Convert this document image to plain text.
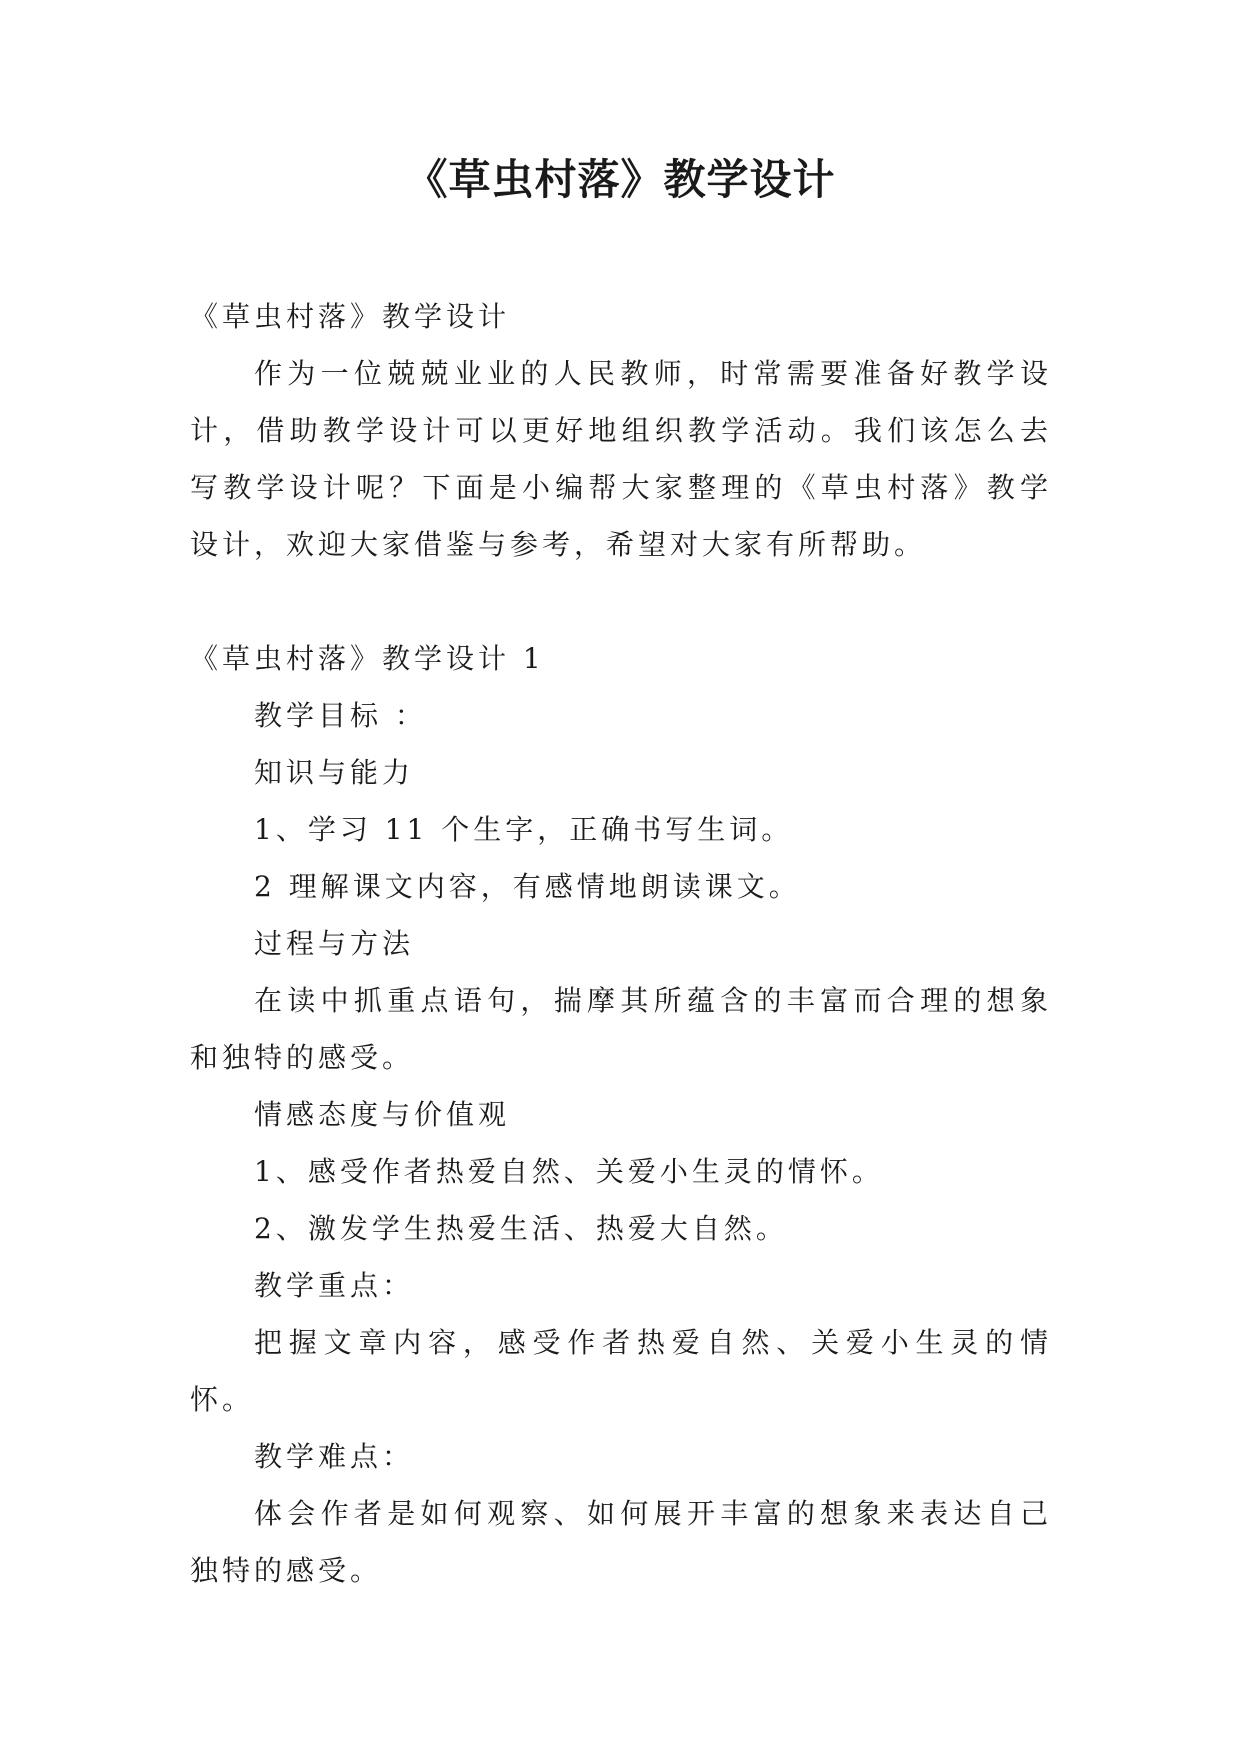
《草虫村落》教学设计

《草虫村落》教学设计

作为一位兢兢业业的人民教师，时常需要准备好教学设计，借助教学设计可以更好地组织教学活动。我们该怎么去写教学设计呢？下面是小编帮大家整理的《草虫村落》教学设计，欢迎大家借鉴与参考，希望对大家有所帮助。

《草虫村落》教学设计 1

教学目标 ：

知识与能力

1、学习 11 个生字，正确书写生词。

2 理解课文内容，有感情地朗读课文。

过程与方法

在读中抓重点语句，揣摩其所蕴含的丰富而合理的想象和独特的感受。

情感态度与价值观

1、感受作者热爱自然、关爱小生灵的情怀。

2、激发学生热爱生活、热爱大自然。

教学重点：

把握文章内容，感受作者热爱自然、关爱小生灵的情怀。

教学难点：

体会作者是如何观察、如何展开丰富的想象来表达自己独特的感受。
